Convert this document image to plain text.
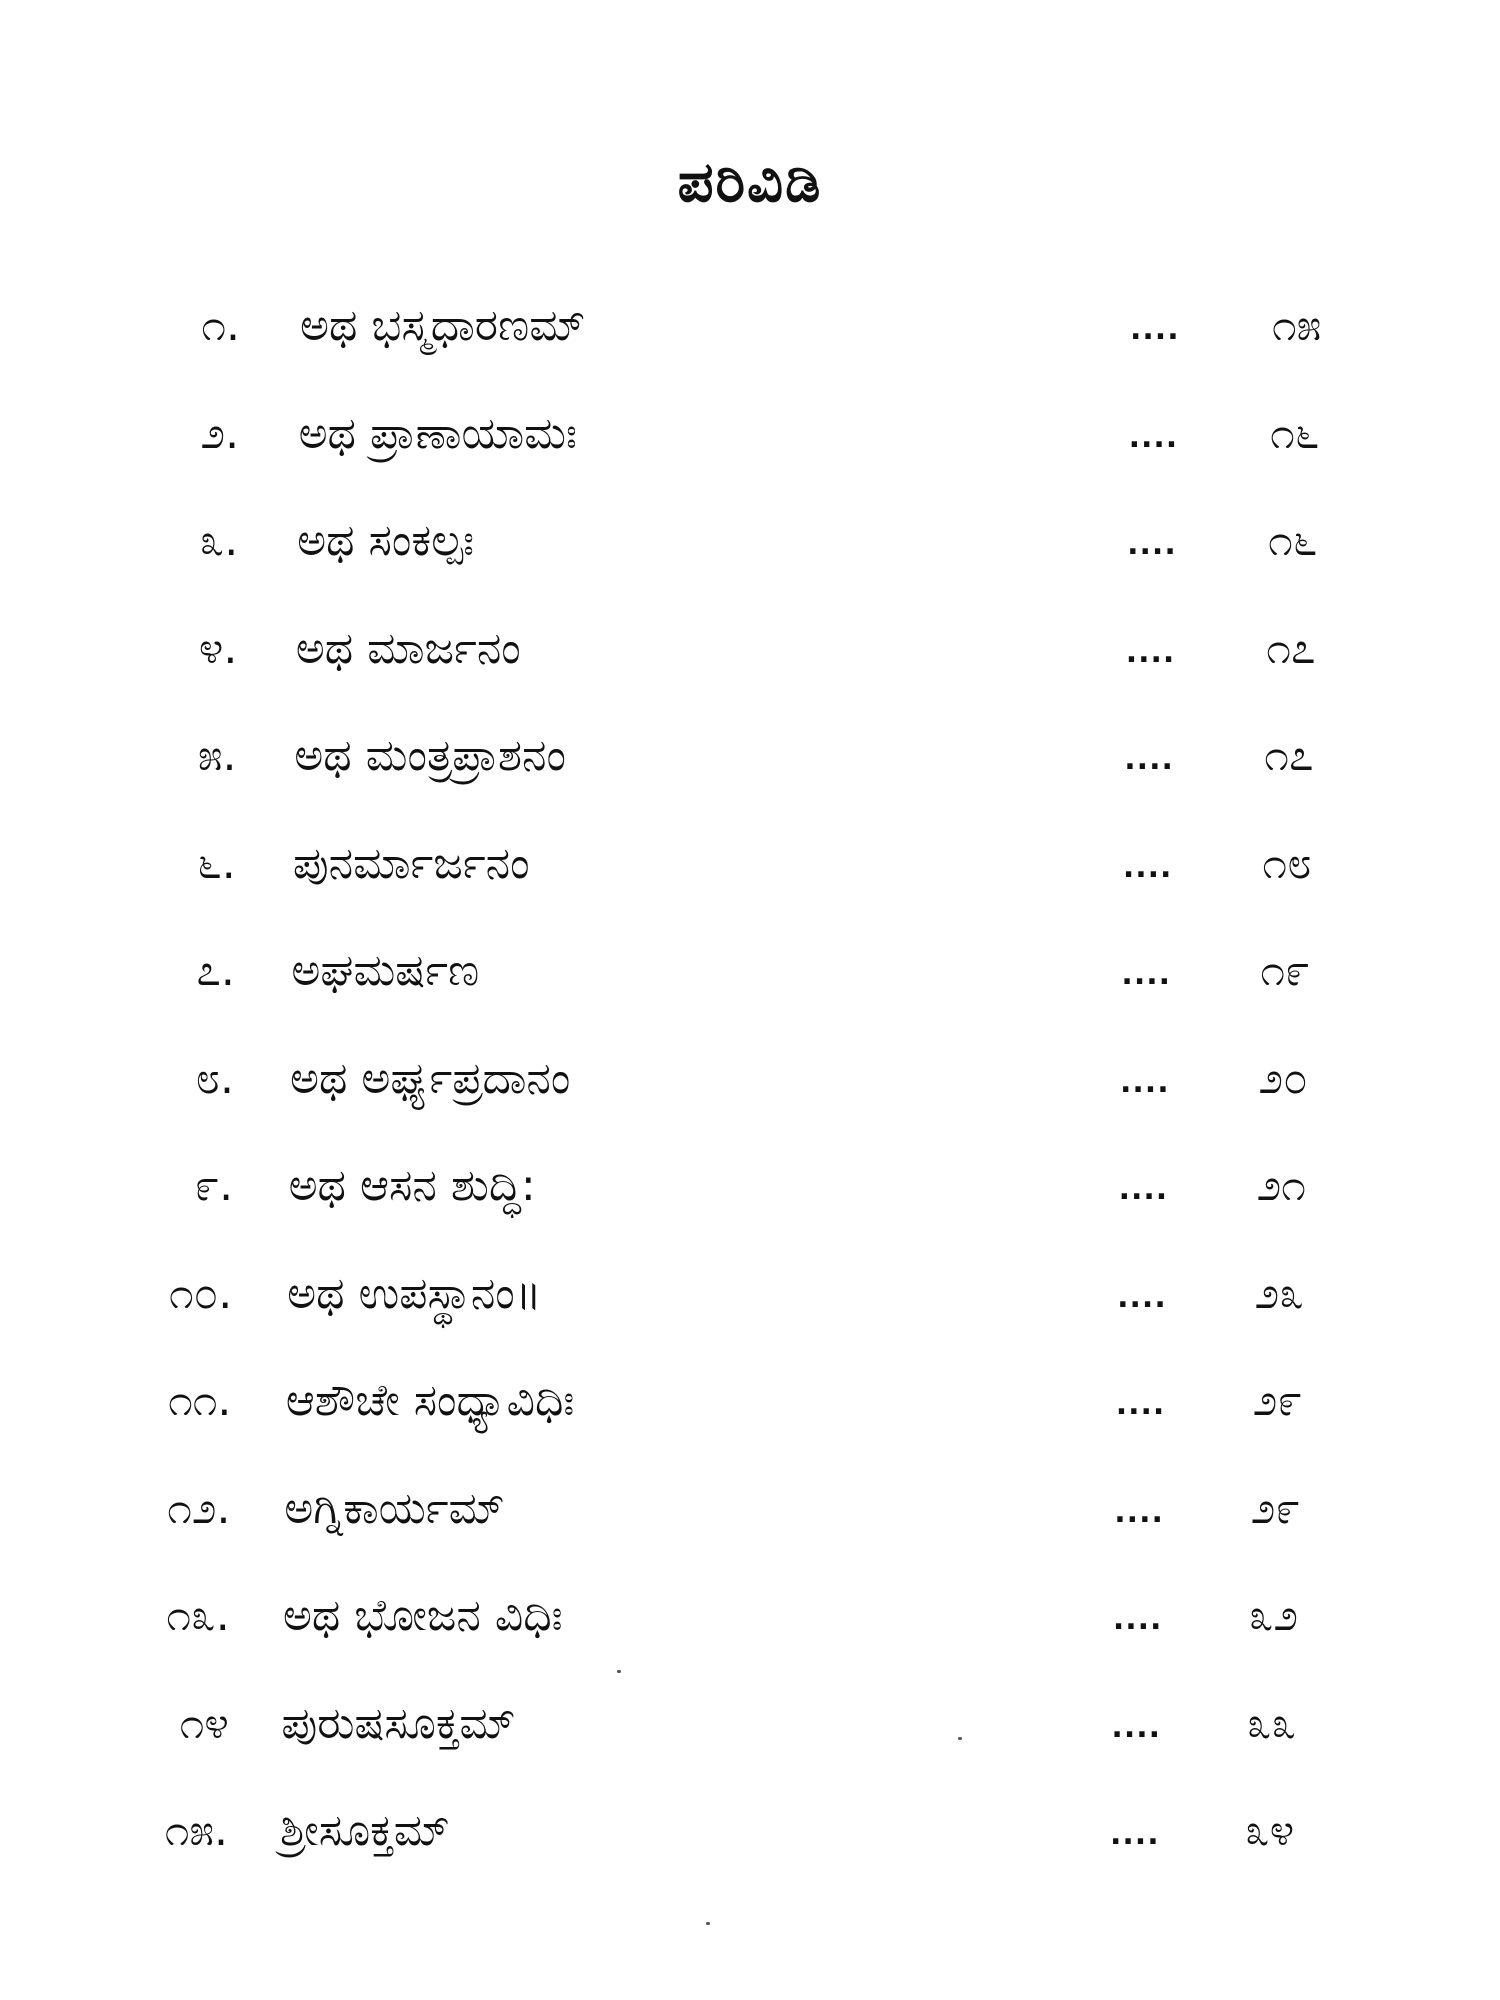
ಪರಿವಿಡಿ
೧. ಅಥ ಭಸ್ಮಧಾರಣಮ್	.... ೧೫
೨. ಅಥ ಪ್ರಾಣಾಯಾಮಃ	.... ೧೬
೩. ಅಥ ಸಂಕಲ್ಪಃ	.... ೧೬
೪. ಅಥ ಮಾರ್ಜನಂ	.... ೧೭
೫. ಅಥ ಮಂತ್ರಪ್ರಾಶನಂ	.... ೧೭
೬. ಪುನರ್ಮಾರ್ಜನಂ	.... ೧೮
೭. ಅಘಮರ್ಷಣ	.... ೧೯
೮. ಅಥ ಅರ್ಘ್ಯಪ್ರದಾನಂ	.... ೨೦
೯. ಅಥ ಆಸನ ಶುದ್ಧಿ:	.... ೨೧
೧೦. ಅಥ ಉಪಸ್ಥಾನಂ॥	.... ೨೩
೧೧. ಆಶೌಚೇ ಸಂಧ್ಯಾವಿಧಿಃ	.... ೨೯
೧೨. ಅಗ್ನಿಕಾರ್ಯಮ್	.... ೨೯
೧೩. ಅಥ ಭೋಜನ ವಿಧಿಃ	.... ೩೨
೧೪ ಪುರುಷಸೂಕ್ತಮ್	.... ೩೩
೧೫. ಶ್ರೀಸೂಕ್ತಮ್	.... ೩೪
